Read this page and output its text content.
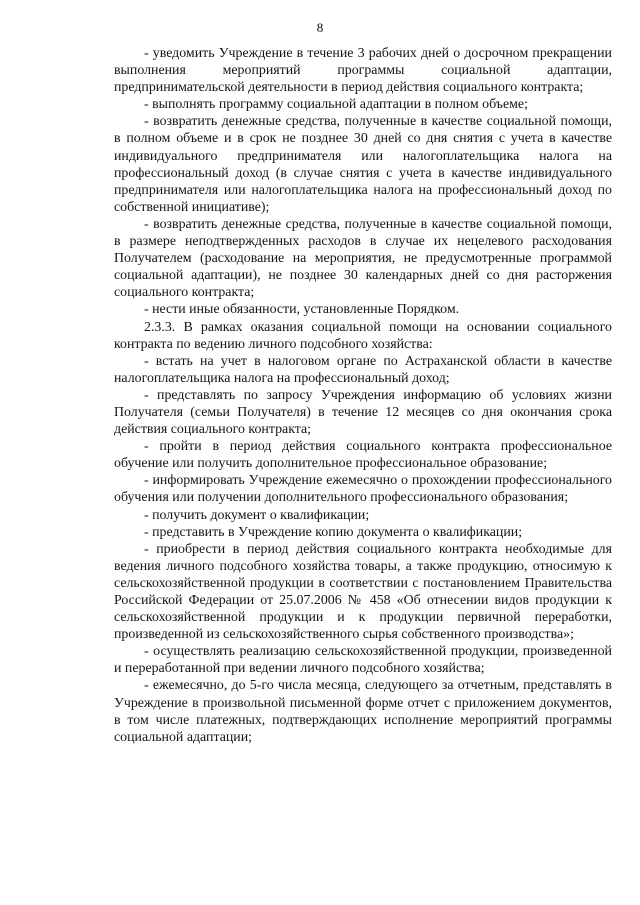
8

- уведомить Учреждение в течение 3 рабочих дней о досрочном прекращении выполнения мероприятий программы социальной адаптации, предпринимательской деятельности в период действия социального контракта;

- выполнять программу социальной адаптации в полном объеме;

- возвратить денежные средства, полученные в качестве социальной помощи, в полном объеме и в срок не позднее 30 дней со дня снятия с учета в качестве индивидуального предпринимателя или налогоплательщика налога на профессиональный доход (в случае снятия с учета в качестве индивидуального предпринимателя или налогоплательщика налога на профессиональный доход по собственной инициативе);

- возвратить денежные средства, полученные в качестве социальной помощи, в размере неподтвержденных расходов в случае их нецелевого расходования Получателем (расходование на мероприятия, не предусмотренные программой социальной адаптации), не позднее 30 календарных дней со дня расторжения социального контракта;

- нести иные обязанности, установленные Порядком.

2.3.3. В рамках оказания социальной помощи на основании социального контракта по ведению личного подсобного хозяйства:

- встать на учет в налоговом органе по Астраханской области в качестве налогоплательщика налога на профессиональный доход;

- представлять по запросу Учреждения информацию об условиях жизни Получателя (семьи Получателя) в течение 12 месяцев со дня окончания срока действия социального контракта;

- пройти в период действия социального контракта профессиональное обучение или получить дополнительное профессиональное образование;

- информировать Учреждение ежемесячно о прохождении профессионального обучения или получении дополнительного профессионального образования;

- получить документ о квалификации;

- представить в Учреждение копию документа о квалификации;

- приобрести в период действия социального контракта необходимые для ведения личного подсобного хозяйства товары, а также продукцию, относимую к сельскохозяйственной продукции в соответствии с постановлением Правительства Российской Федерации от 25.07.2006 № 458 «Об отнесении видов продукции к сельскохозяйственной продукции и к продукции первичной переработки, произведенной из сельскохозяйственного сырья собственного производства»;

- осуществлять реализацию сельскохозяйственной продукции, произведенной и переработанной при ведении личного подсобного хозяйства;

- ежемесячно, до 5-го числа месяца, следующего за отчетным, представлять в Учреждение в произвольной письменной форме отчет с приложением документов, в том числе платежных, подтверждающих исполнение мероприятий программы социальной адаптации;
